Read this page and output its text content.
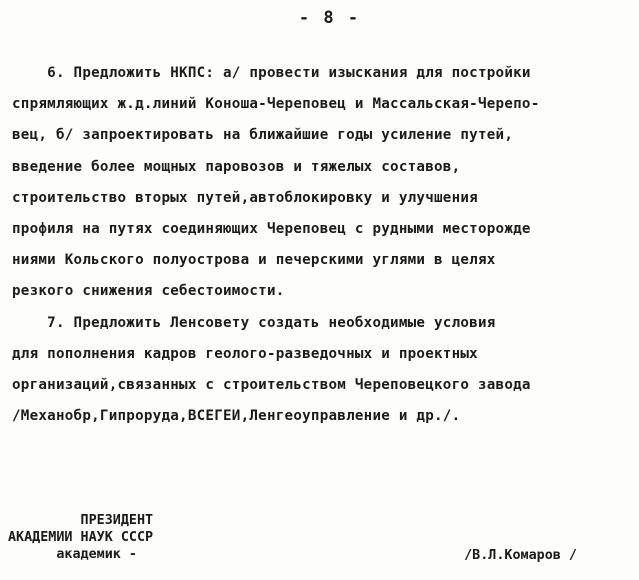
- 8 -
6. Предложить НКПС: а/ провести изыскания для постройки
спрямляющих ж.д.линий Коноша-Череповец и Массальская-Черепо-
вец, б/ запроектировать на ближайшие годы усиление путей,
введение более мощных паровозов и тяжелых составов,
строительство вторых путей,автоблокировку и улучшения
профиля на путях соединяющих Череповец с рудными месторожде
ниями Кольского полуострова и печерскими углями в целях
резкого снижения себестоимости.
7. Предложить Ленсовету создать необходимые условия
для пополнения кадров геолого-разведочных и проектных
организаций,связанных с строительством Череповецкого завода
/Механобр,Гипроруда,ВСЕГЕИ,Ленгеоуправление и др./.
ПРЕЗИДЕНТ
АКАДЕМИИ НАУК СССР
академик -	/В.Л.Комаров /
